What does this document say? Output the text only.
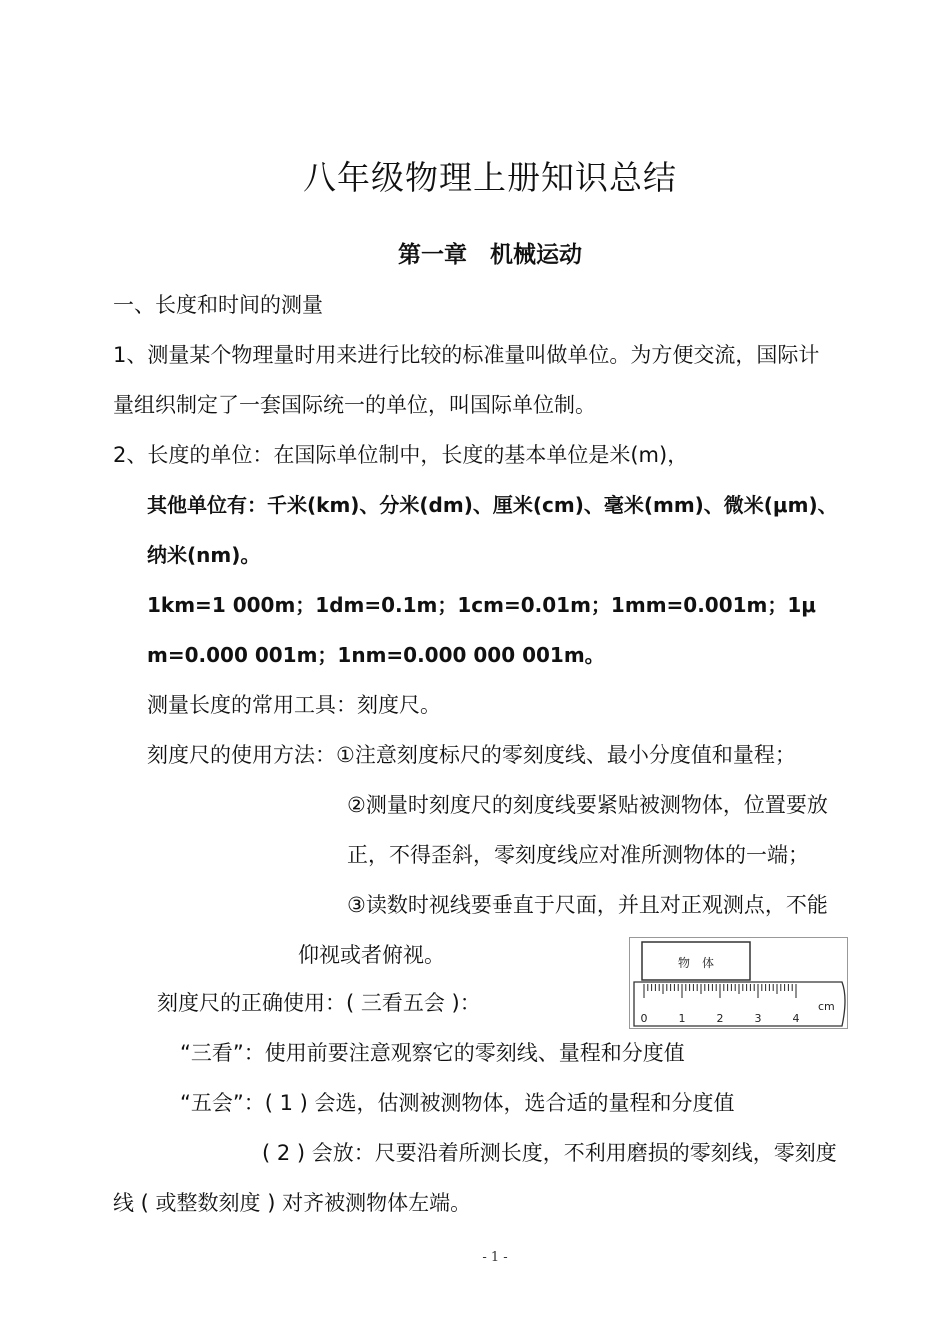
八年级物理上册知识总结
第一章　机械运动
一、长度和时间的测量
1、测量某个物理量时用来进行比较的标准量叫做单位。为方便交流，国际计
量组织制定了一套国际统一的单位，叫国际单位制。
2、长度的单位：在国际单位制中，长度的基本单位是米(m)，
其他单位有：千米(km)、分米(dm)、厘米(cm)、毫米(mm)、微米(μm)、
纳米(nm)。
1km=1 000m；1dm=0.1m；1cm=0.01m；1mm=0.001m；1μ
m=0.000 001m；1nm=0.000 000 001m。
测量长度的常用工具：刻度尺。
刻度尺的使用方法：①注意刻度标尺的零刻度线、最小分度值和量程；
②测量时刻度尺的刻度线要紧贴被测物体，位置要放
正，不得歪斜，零刻度线应对准所测物体的一端；
③读数时视线要垂直于尺面，并且对正观测点，不能
仰视或者俯视。
刻度尺的正确使用：( 三看五会 )：
“三看”：使用前要注意观察它的零刻线、量程和分度值
“五会”：( 1 ) 会选，估测被测物体，选合适的量程和分度值
( 2 ) 会放：尺要沿着所测长度，不利用磨损的零刻线，零刻度
线 ( 或整数刻度 ) 对齐被测物体左端。
物　体
cm
0	1	2	3	4
- 1 -
